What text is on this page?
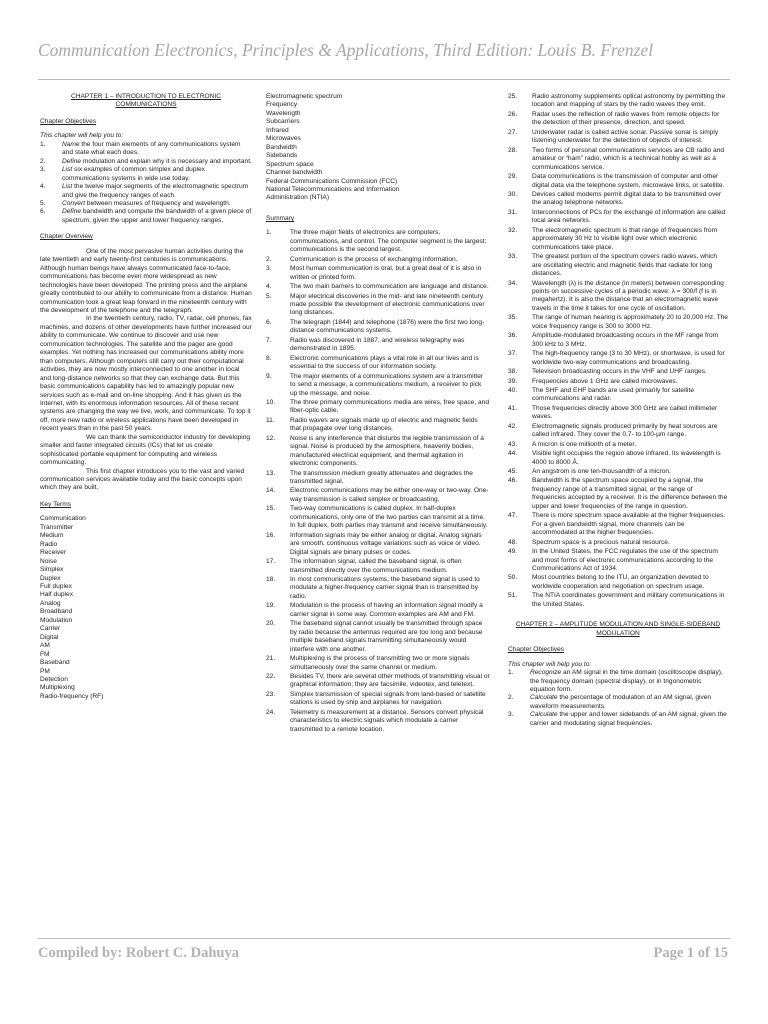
Communication Electronics, Principles & Applications, Third Edition: Louis B. Frenzel
CHAPTER 1 – INTRODUCTION TO ELECTRONIC COMMUNICATIONS
Chapter Objectives
This chapter will help you to:
1.	Name the four main elements of any communications system and state what each does.
2.	Define modulation and explain why it is necessary and important.
3.	List six examples of common simplex and duplex communications systems in wide use today.
4.	List the twelve major segments of the electromagnetic spectrum and give the frequency ranges of each.
5.	Convert between measures of frequency and wavelength.
6.	Define bandwidth and compute the bandwidth of a given piece of spectrum, given the upper and lower frequency ranges.
Chapter Overview
One of the most pervasive human activities during the late twentieth and early twenty-first centuries is communications. Although human beings have always communicated face-to-face, communications has become even more widespread as new technologies have been developed. The printing press and the airplane greatly contributed to our ability to communicate from a distance. Human communication took a great leap forward in the nineteenth century with the development of the telephone and the telegraph.
In the twentieth century, radio, TV, radar, cell phones, fax machines, and dozens of other developments have further increased our ability to communicate. We continue to discover and use new communication technologies. The satellite and the pager are good examples. Yet nothing has increased our communications ability more than computers. Although computers still carry out their computational activities, they are now mostly interconnected to one another in local and long-distance networks so that they can exchange data. But this basic communications capability has led to amazingly popular new services such as e-mail and on-line shopping. And it has given us the Internet, with its enormous information resources. All of these recent systems are changing the way we live, work, and communicate. To top it off, more new radio or wireless applications have been developed in recent years than in the past 50 years.
We can thank the semiconductor industry for developing smaller and faster integrated circuits (ICs) that let us create sophisticated portable equipment for computing and wireless communicating.
This first chapter introduces you to the vast and varied communication services available today and the basic concepts upon which they are built.
Key Terms
Communication
Transmitter
Medium
Radio
Receiver
Noise
Simplex
Duplex
Full duplex
Half duplex
Analog
Broadband
Modulation
Carrier
Digital
AM
FM
Baseband
PM
Detection
Multiplexing
Radio-frequency (RF)
Electromagnetic spectrum
Frequency
Wavelength
Subcarriers
Infrared
Microwaves
Bandwidth
Sidebands
Spectrum space
Channel bandwidth
Federal Communications Commission (FCC)
National Telecommunications and Information
Administration (NTIA)
Summary
1.	The three major fields of electronics are computers, communications, and control. The computer segment is the largest; communications is the second largest.
2.	Communication is the process of exchanging information.
3.	Most human communication is oral, but a great deal of it is also in written or printed form.
4.	The two main barriers to communication are language and distance.
5.	Major electrical discoveries in the mid- and late nineteenth century made possible the development of electronic communications over long distances.
6.	The telegraph (1844) and telephone (1876) were the first two long-distance communications systems.
7.	Radio was discovered in 1887, and wireless telegraphy was demonstrated in 1895.
8.	Electronic communications plays a vital role in all our lives and is essential to the success of our information society.
9.	The major elements of a communications system are a transmitter to send a message, a communications medium, a receiver to pick up the message, and noise.
10.	The three primary communications media are wires, free space, and fiber-optic cable.
11.	Radio waves are signals made up of electric and magnetic fields that propagate over long distances.
12.	Noise is any interference that disturbs the legible transmission of a signal. Noise is produced by the atmosphere, heavenly bodies, manufactured electrical equipment, and thermal agitation in electronic components.
13.	The transmission medium greatly attenuates and degrades the transmitted signal.
14.	Electronic communications may be either one-way or two-way. One-way transmission is called simplex or broadcasting.
15.	Two-way communications is called duplex. In half-duplex communications, only one of the two parties can transmit at a time. In full duplex, both parties may transmit and receive simultaneously.
16.	Information signals may be either analog or digital. Analog signals are smooth, continuous voltage variations such as voice or video. Digital signals are binary pulses or codes.
17.	The information signal, called the baseband signal, is often transmitted directly over the communications medium.
18.	In most communications systems, the baseband signal is used to modulate a higher-frequency carrier signal than is transmitted by radio.
19.	Modulation is the process of having an information signal modify a carrier signal in some way. Common examples are AM and FM.
20.	The baseband signal cannot usually be transmitted through space by radio because the antennas required are too long and because multiple baseband signals transmitting simultaneously would interfere with one another.
21.	Multiplexing is the process of transmitting two or more signals simultaneously over the same channel or medium.
22.	Besides TV, there are several other methods of transmitting visual or graphical information; they are facsimile, videotex, and teletext.
23.	Simplex transmission of special signals from land-based or satellite stations is used by ship and airplanes for navigation.
24.	Telemetry is measurement at a distance. Sensors convert physical characteristics to electric signals which modulate a carrier transmitted to a remote location.
25.	Radio astronomy supplements optical astronomy by permitting the location and mapping of stars by the radio waves they emit.
26.	Radar uses the reflection of radio waves from remote objects for the detection of their presence, direction, and speed.
27.	Underwater radar is called active sonar. Passive sonar is simply listening underwater for the detection of objects of interest.
28.	Two forms of personal communications services are CB radio and amateur or “ham” radio, which is a technical hobby as well as a communications service.
29.	Data communications is the transmission of computer and other digital data via the telephone system, microwave links, or satellite.
30.	Devices called modems permit digital data to be transmitted over the analog telephone networks.
31.	Interconnections of PCs for the exchange of information are called local area networks.
32.	The electromagnetic spectrum is that range of frequencies from approximately 30 Hz to visible light over which electronic communications take place.
33.	The greatest portion of the spectrum covers radio waves, which are oscillating electric and magnetic fields that radiate for long distances.
34.	Wavelength (λ) is the distance (in meters) between corresponding points on successive cycles of a periodic wave: λ = 300/f (f is in megahertz). It is also the distance that an electromagnetic wave travels in the time it takes for one cycle of oscillation.
35.	The range of human hearing is approximately 20 to 20,000 Hz. The voice frequency range is 300 to 3000 Hz.
36.	Amplitude-modulated broadcasting occurs in the MF range from 300 kHz to 3 MHz.
37.	The high-frequency range (3 to 30 MHz), or shortwave, is used for worldwide two-way communications and broadcasting.
38.	Television broadcasting occurs in the VHF and UHF ranges.
39.	Frequencies above 1 GHz are called microwaves.
40.	The SHF and EHF bands are used primarily for satellite communications and radar.
41.	Those frequencies directly above 300 GHz are called millimeter waves.
42.	Electromagnetic signals produced primarily by heat sources are called infrared. They cover the 0.7- to 100-µm range.
43.	A micron is one millionth of a meter.
44.	Visible light occupies the region above infrared. Its wavelength is 4000 to 8000 Å.
45.	An angstrom is one ten-thousandth of a micron.
46.	Bandwidth is the spectrum space occupied by a signal, the frequency range of a transmitted signal, or the range of frequencies accepted by a receiver. It is the difference between the upper and lower frequencies of the range in question.
47.	There is more spectrum space available at the higher frequencies. For a given bandwidth signal, more channels can be accommodated at the higher frequencies.
48.	Spectrum space is a precious natural resource.
49.	In the United States, the FCC regulates the use of the spectrum and most forms of electronic communications according to the Communications Act of 1934.
50.	Most countries belong to the ITU, an organization devoted to worldwide cooperation and negotiation on spectrum usage.
51.	The NTIA coordinates government and military communications in the United States.
CHAPTER 2 – AMPLITUDE MODULATION AND SINGLE-SIDEBAND MODULATION
Chapter Objectives
This chapter will help you to:
1.	Recognize an AM signal in the time domain (oscilloscope display), the frequency domain (spectral display), or in trigonometric equation form.
2.	Calculate the percentage of modulation of an AM signal, given waveform measurements.
3.	Calculate the upper and lower sidebands of an AM signal, given the carrier and modulating signal frequencies.
Compiled by: Robert C. Dahuya	Page 1 of 15
